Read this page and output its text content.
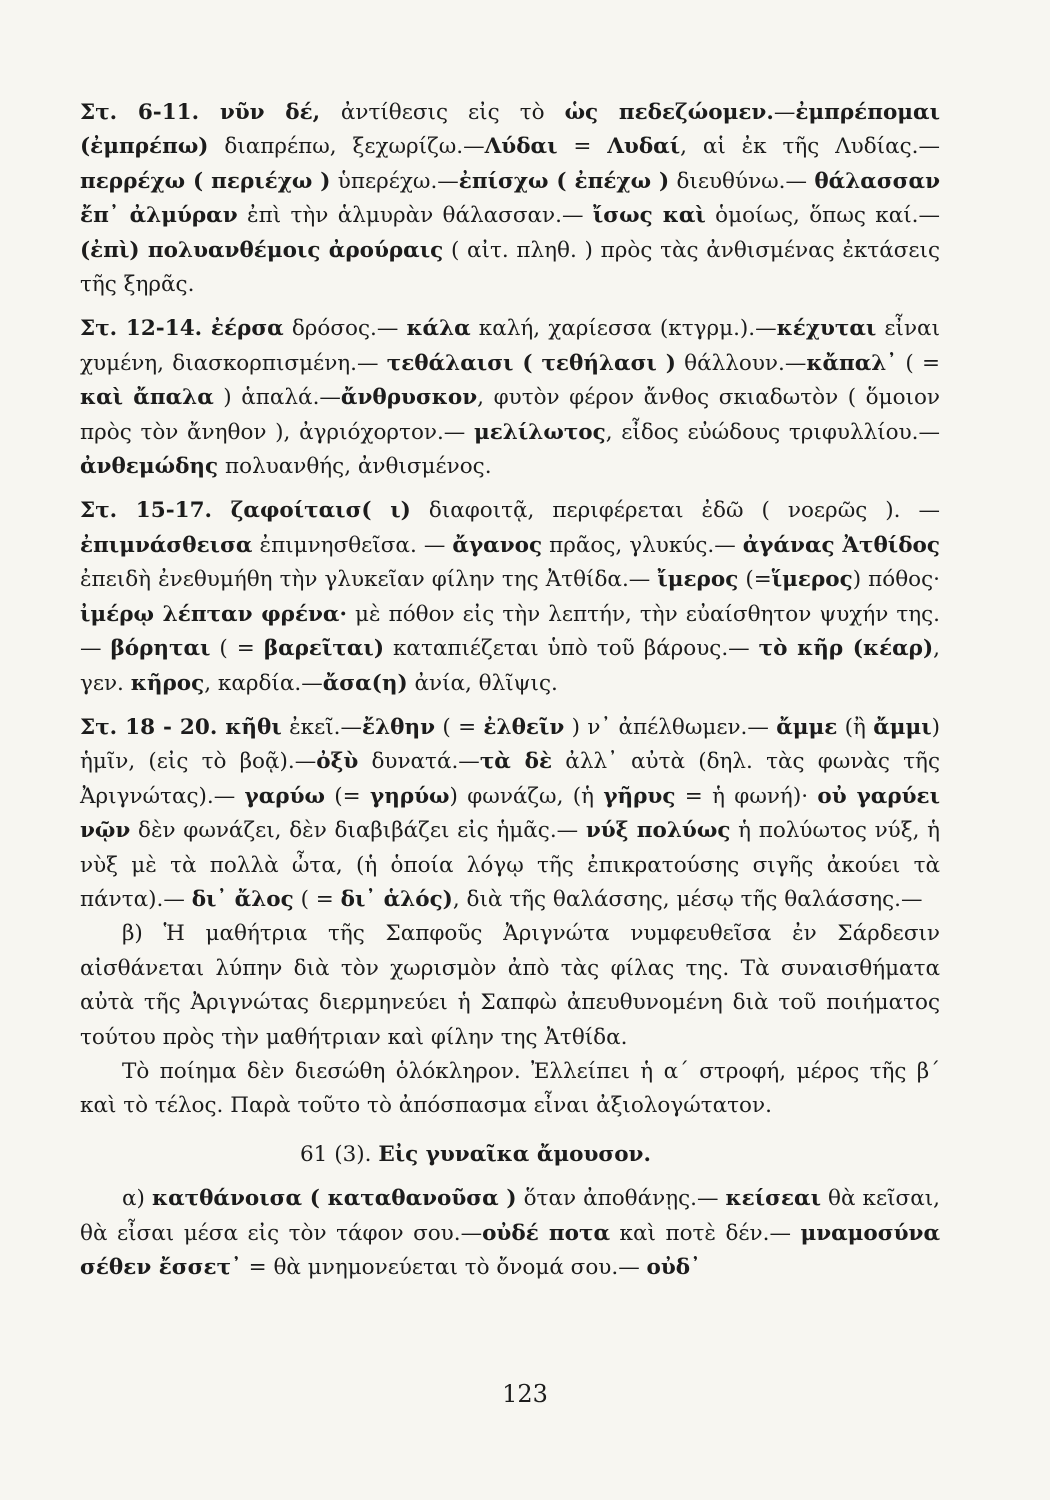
Στ. 6-11. νῦν δέ, ἀντίθεσις εἰς τὸ ὡς πεδεζώομεν.—ἐμπρέπομαι (ἐμπρέπω) διαπρέπω, ξεχωρίζω.—Λύδαι = Λυδαί, αἱ ἐκ τῆς Λυδίας.—περρέχω ( περιέχω ) ὑπερέχω.—ἐπίσχω ( ἐπέχω ) διευθύνω.— θάλασσαν ἔπ᾽ ἀλμύραν ἐπὶ τὴν ἁλμυρὰν θάλασσαν.— ἴσως καὶ ὁμοίως, ὅπως καί.—(ἐπὶ) πολυανθέμοις ἀρούραις ( αἰτ. πληθ. ) πρὸς τὰς ἀνθισμένας ἐκτάσεις τῆς ξηρᾶς.

Στ. 12-14. ἐέρσα δρόσος.— κάλα καλή, χαρίεσσα (κτγρμ.).—κέχυται εἶναι χυμένη, διασκορπισμένη.— τεθάλαισι ( τεθήλασι ) θάλλουν.—κἄπαλ᾽ ( = καὶ ἄπαλα ) ἁπαλά.—ἄνθρυσκον, φυτὸν φέρον ἄνθος σκιαδωτὸν ( ὅμοιον πρὸς τὸν ἄνηθον ), ἀγριόχορτον.— μελίλωτος, εἶδος εὐώδους τριφυλλίου.— ἀνθεμώδης πολυανθής, ἀνθισμένος.

Στ. 15-17. ζαφοίταισ( ι) διαφοιτᾷ, περιφέρεται ἐδῶ ( νοερῶς ). — ἐπιμνάσθεισα ἐπιμνησθεῖσα. — ἄγανος πρᾶος, γλυκύς.— ἀγάνας Ἀτθίδος ἐπειδὴ ἐνεθυμήθη τὴν γλυκεῖαν φίλην της Ἀτθίδα.— ἴμερος (=ἵμερος) πόθος· ἰμέρῳ λέπταν φρένα· μὲ πόθον εἰς τὴν λεπτήν, τὴν εὐαίσθητον ψυχήν της.— βόρηται ( = βαρεῖται) καταπιέζεται ὑπὸ τοῦ βάρους.— τὸ κῆρ (κέαρ), γεν. κῆρος, καρδία.—ἄσα(η) ἀνία, θλῖψις.

Στ. 18 - 20. κῆθι ἐκεῖ.—ἔλθην ( = ἐλθεῖν ) ν᾽ ἀπέλθωμεν.— ἄμμε (ἢ ἄμμι) ἡμῖν, (εἰς τὸ βοᾷ).—ὀξὺ δυνατά.—τὰ δὲ ἀλλ᾽ αὐτὰ (δηλ. τὰς φωνὰς τῆς Ἀριγνώτας).— γαρύω (= γηρύω) φωνάζω, (ἡ γῆρυς = ἡ φωνή)· οὐ γαρύει νῷν δὲν φωνάζει, δὲν διαβιβάζει εἰς ἡμᾶς.— νύξ πολύως ἡ πολύωτος νύξ, ἡ νὺξ μὲ τὰ πολλὰ ὦτα, (ἡ ὁποία λόγῳ τῆς ἐπικρατούσης σιγῆς ἀκούει τὰ πάντα).— δι᾽ ἄλος ( = δι᾽ ἁλός), διὰ τῆς θαλάσσης, μέσῳ τῆς θαλάσσης.—

β) Ἡ μαθήτρια τῆς Σαπφοῦς Ἀριγνώτα νυμφευθεῖσα ἐν Σάρδεσιν αἰσθάνεται λύπην διὰ τὸν χωρισμὸν ἀπὸ τὰς φίλας της. Τὰ συναισθήματα αὐτὰ τῆς Ἀριγνώτας διερμηνεύει ἡ Σαπφὼ ἀπευθυνομένη διὰ τοῦ ποιήματος τούτου πρὸς τὴν μαθήτριαν καὶ φίλην της Ἀτθίδα.

Τὸ ποίημα δὲν διεσώθη ὁλόκληρον. Ἐλλείπει ἡ α΄ στροφή, μέρος τῆς β΄ καὶ τὸ τέλος. Παρὰ τοῦτο τὸ ἀπόσπασμα εἶναι ἀξιολογώτατον.

61 (3). Εἰς γυναῖκα ἄμουσον.

α) κατθάνοισα ( καταθανοῦσα ) ὅταν ἀποθάνῃς.— κείσεαι θὰ κεῖσαι, θὰ εἶσαι μέσα εἰς τὸν τάφον σου.—οὐδέ ποτα καὶ ποτὲ δέν.— μναμοσύνα σέθεν ἔσσετ᾽ = θὰ μνημονεύεται τὸ ὄνομά σου.— οὐδ᾽

123
